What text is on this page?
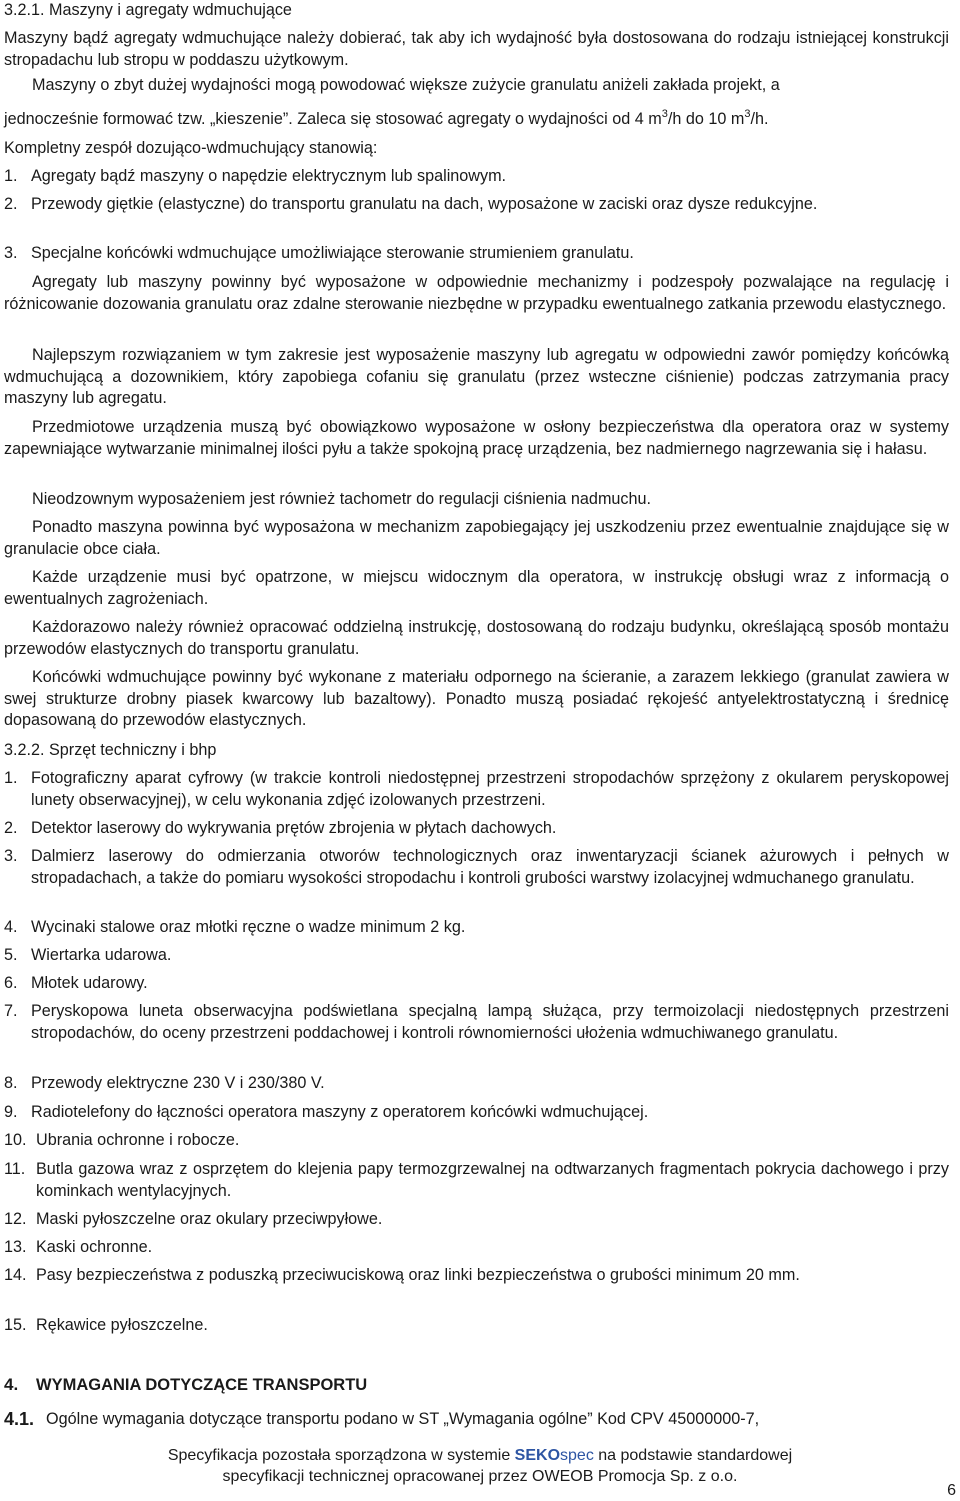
3.2.1. Maszyny i agregaty wdmuchujące
Maszyny bądź agregaty wdmuchujące należy dobierać, tak aby ich wydajność była dostosowana do rodzaju istniejącej konstrukcji stropadachu lub stropu w poddaszu użytkowym.
Maszyny o zbyt dużej wydajności mogą powodować większe zużycie granulatu aniżeli zakłada projekt, a
jednocześnie formować tzw. „kieszenie”. Zaleca się stosować agregaty o wydajności od 4 $m^3/h$ do 10 $m^3/h$.
Kompletny zespół dozująco-wdmuchujący stanowią:
1. Agregaty bądź maszyny o napędzie elektrycznym lub spalinowym.
2. Przewody giętkie (elastyczne) do transportu granulatu na dach, wyposażone w zaciski oraz dysze redukcyjne.
3. Specjalne końcówki wdmuchujące umożliwiające sterowanie strumieniem granulatu.
Agregaty lub maszyny powinny być wyposażone w odpowiednie mechanizmy i podzespoły pozwalające na regulację i różnicowanie dozowania granulatu oraz zdalne sterowanie niezbędne w przypadku ewentualnego zatkania przewodu elastycznego.
Najlepszym rozwiązaniem w tym zakresie jest wyposażenie maszyny lub agregatu w odpowiedni zawór pomiędzy końcówką wdmuchującą a dozownikiem, który zapobiega cofaniu się granulatu (przez wsteczne ciśnienie) podczas zatrzymania pracy maszyny lub agregatu.
Przedmiotowe urządzenia muszą być obowiązkowo wyposażone w osłony bezpieczeństwa dla operatora oraz w systemy zapewniające wytwarzanie minimalnej ilości pyłu a także spokojną pracę urządzenia, bez nadmiernego nagrzewania się i hałasu.
Nieodzownym wyposażeniem jest również tachometr do regulacji ciśnienia nadmuchu.
Ponadto maszyna powinna być wyposażona w mechanizm zapobiegający jej uszkodzeniu przez ewentualnie znajdujące się w granulacie obce ciała.
Każde urządzenie musi być opatrzone, w miejscu widocznym dla operatora, w instrukcję obsługi wraz z informacją o ewentualnych zagrożeniach.
Każdorazowo należy również opracować oddzielną instrukcję, dostosowaną do rodzaju budynku, określającą sposób montażu przewodów elastycznych do transportu granulatu.
Końcówki wdmuchujące powinny być wykonane z materiału odpornego na ścieranie, a zarazem lekkiego (granulat zawiera w swej strukturze drobny piasek kwarcowy lub bazaltowy). Ponadto muszą posiadać rękojeść antyelektrostatyczną i średnicę dopasowaną do przewodów elastycznych.
3.2.2. Sprzęt techniczny i bhp
1. Fotograficzny aparat cyfrowy (w trakcie kontroli niedostępnej przestrzeni stropodachów sprzężony z okularem peryskopowej lunety obserwacyjnej), w celu wykonania zdjęć izolowanych przestrzeni.
2. Detektor laserowy do wykrywania prętów zbrojenia w płytach dachowych.
3. Dalmierz laserowy do odmierzania otworów technologicznych oraz inwentaryzacji ścianek ażurowych i pełnych w stropadachach, a także do pomiaru wysokości stropodachu i kontroli grubości warstwy izolacyjnej wdmuchanego granulatu.
4. Wycinaki stalowe oraz młotki ręczne o wadze minimum 2 kg.
5. Wiertarka udarowa.
6. Młotek udarowy.
7. Peryskopowa luneta obserwacyjna podświetlana specjalną lampą służąca, przy termoizolacji niedostępnych przestrzeni stropodachów, do oceny przestrzeni poddachowej i kontroli równomierności ułożenia wdmuchiwanego granulatu.
8. Przewody elektryczne 230 V i 230/380 V.
9. Radiotelefony do łączności operatora maszyny z operatorem końcówki wdmuchującej.
10. Ubrania ochronne i robocze.
11. Butla gazowa wraz z osprzętem do klejenia papy termozgrzewalnej na odtwarzanych fragmentach pokrycia dachowego i przy kominkach wentylacyjnych.
12. Maski pyłoszczelne oraz okulary przeciwpyłowe.
13. Kaski ochronne.
14. Pasy bezpieczeństwa z poduszką przeciwuciskową oraz linki bezpieczeństwa o grubości minimum 20 mm.
15. Rękawice pyłoszczelne.
4. WYMAGANIA DOTYCZĄCE TRANSPORTU
4.1. Ogólne wymagania dotyczące transportu podano w ST „Wymagania ogólne” Kod CPV 45000000-7,
Specyfikacja pozostała sporządzona w systemie SEKOspec na podstawie standardowej
specyfikacji technicznej opracowanej przez OWEOB Promocja Sp. z o.o.
6
